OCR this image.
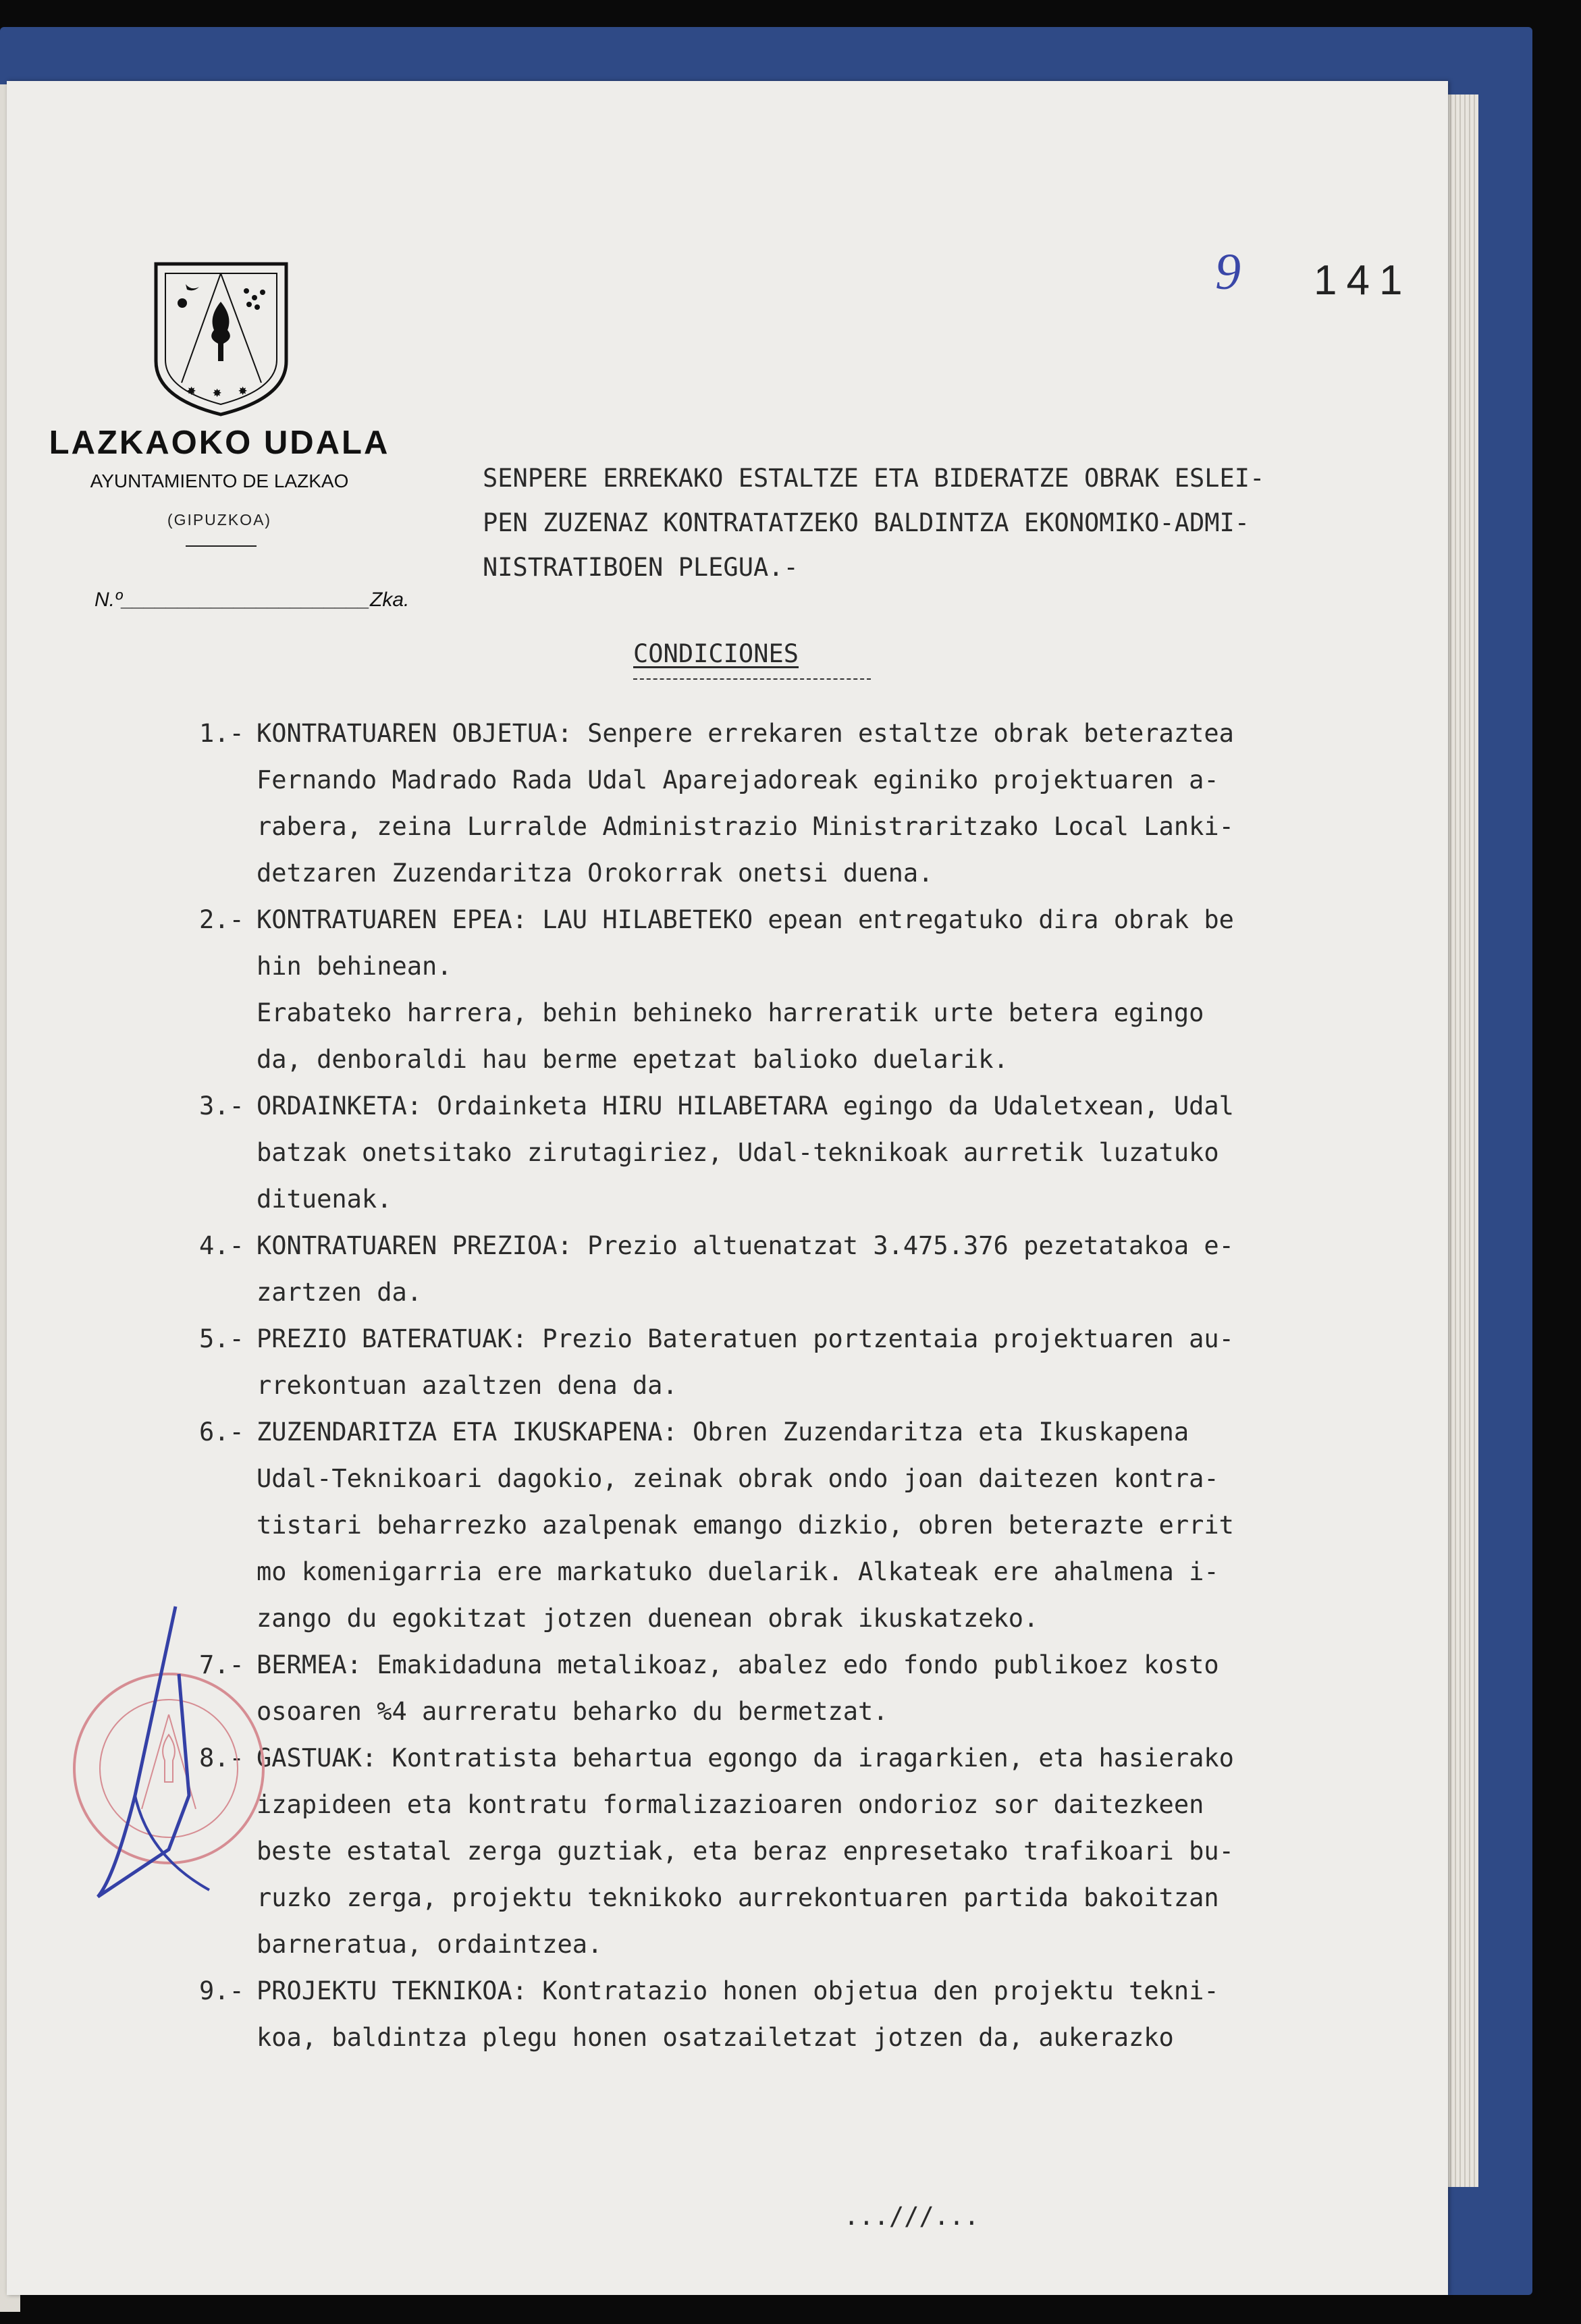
✸ ✸ ✸
LAZKAOKO UDALA
AYUNTAMIENTO DE LAZKAO
(GIPUZKOA)
N.º______________________Zka.
9 141
SENPERE ERREKAKO ESTALTZE ETA BIDERATZE OBRAK ESLEI-
PEN ZUZENAZ KONTRATATZEKO BALDINTZA EKONOMIKO-ADMI-
NISTRATIBOEN PLEGUA.-
CONDICIONES
1.- KONTRATUAREN OBJETUA: Senpere errekaren estaltze obrak beteraztea
Fernando Madrado Rada Udal Aparejadoreak eginiko projektuaren a-
rabera, zeina Lurralde Administrazio Ministraritzako Local Lanki-
detzaren Zuzendaritza Orokorrak onetsi duena.
2.- KONTRATUAREN EPEA: LAU HILABETEKO epean entregatuko dira obrak be
hin behinean.
Erabateko harrera, behin behineko harreratik urte betera egingo
da, denboraldi hau berme epetzat balioko duelarik.
3.- ORDAINKETA: Ordainketa HIRU HILABETARA egingo da Udaletxean, Udal
batzak onetsitako zirutagiriez, Udal-teknikoak aurretik luzatuko
dituenak.
4.- KONTRATUAREN PREZIOA: Prezio altuenatzat 3.475.376 pezetatakoa e-
zartzen da.
5.- PREZIO BATERATUAK: Prezio Bateratuen portzentaia projektuaren au-
rrekontuan azaltzen dena da.
6.- ZUZENDARITZA ETA IKUSKAPENA: Obren Zuzendaritza eta Ikuskapena
Udal-Teknikoari dagokio, zeinak obrak ondo joan daitezen kontra-
tistari beharrezko azalpenak emango dizkio, obren beterazte errit
mo komenigarria ere markatuko duelarik. Alkateak ere ahalmena i-
zango du egokitzat jotzen duenean obrak ikuskatzeko.
7.- BERMEA: Emakidaduna metalikoaz, abalez edo fondo publikoez kosto
osoaren %4 aurreratu beharko du bermetzat.
8.- GASTUAK: Kontratista behartua egongo da iragarkien, eta hasierako
izapideen eta kontratu formalizazioaren ondorioz sor daitezkeen
beste estatal zerga guztiak, eta beraz enpresetako trafikoari bu-
ruzko zerga, projektu teknikoko aurrekontuaren partida bakoitzan
barneratua, ordaintzea.
9.- PROJEKTU TEKNIKOA: Kontratazio honen objetua den projektu tekni-
koa, baldintza plegu honen osatzailetzat jotzen da, aukerazko
...///...
